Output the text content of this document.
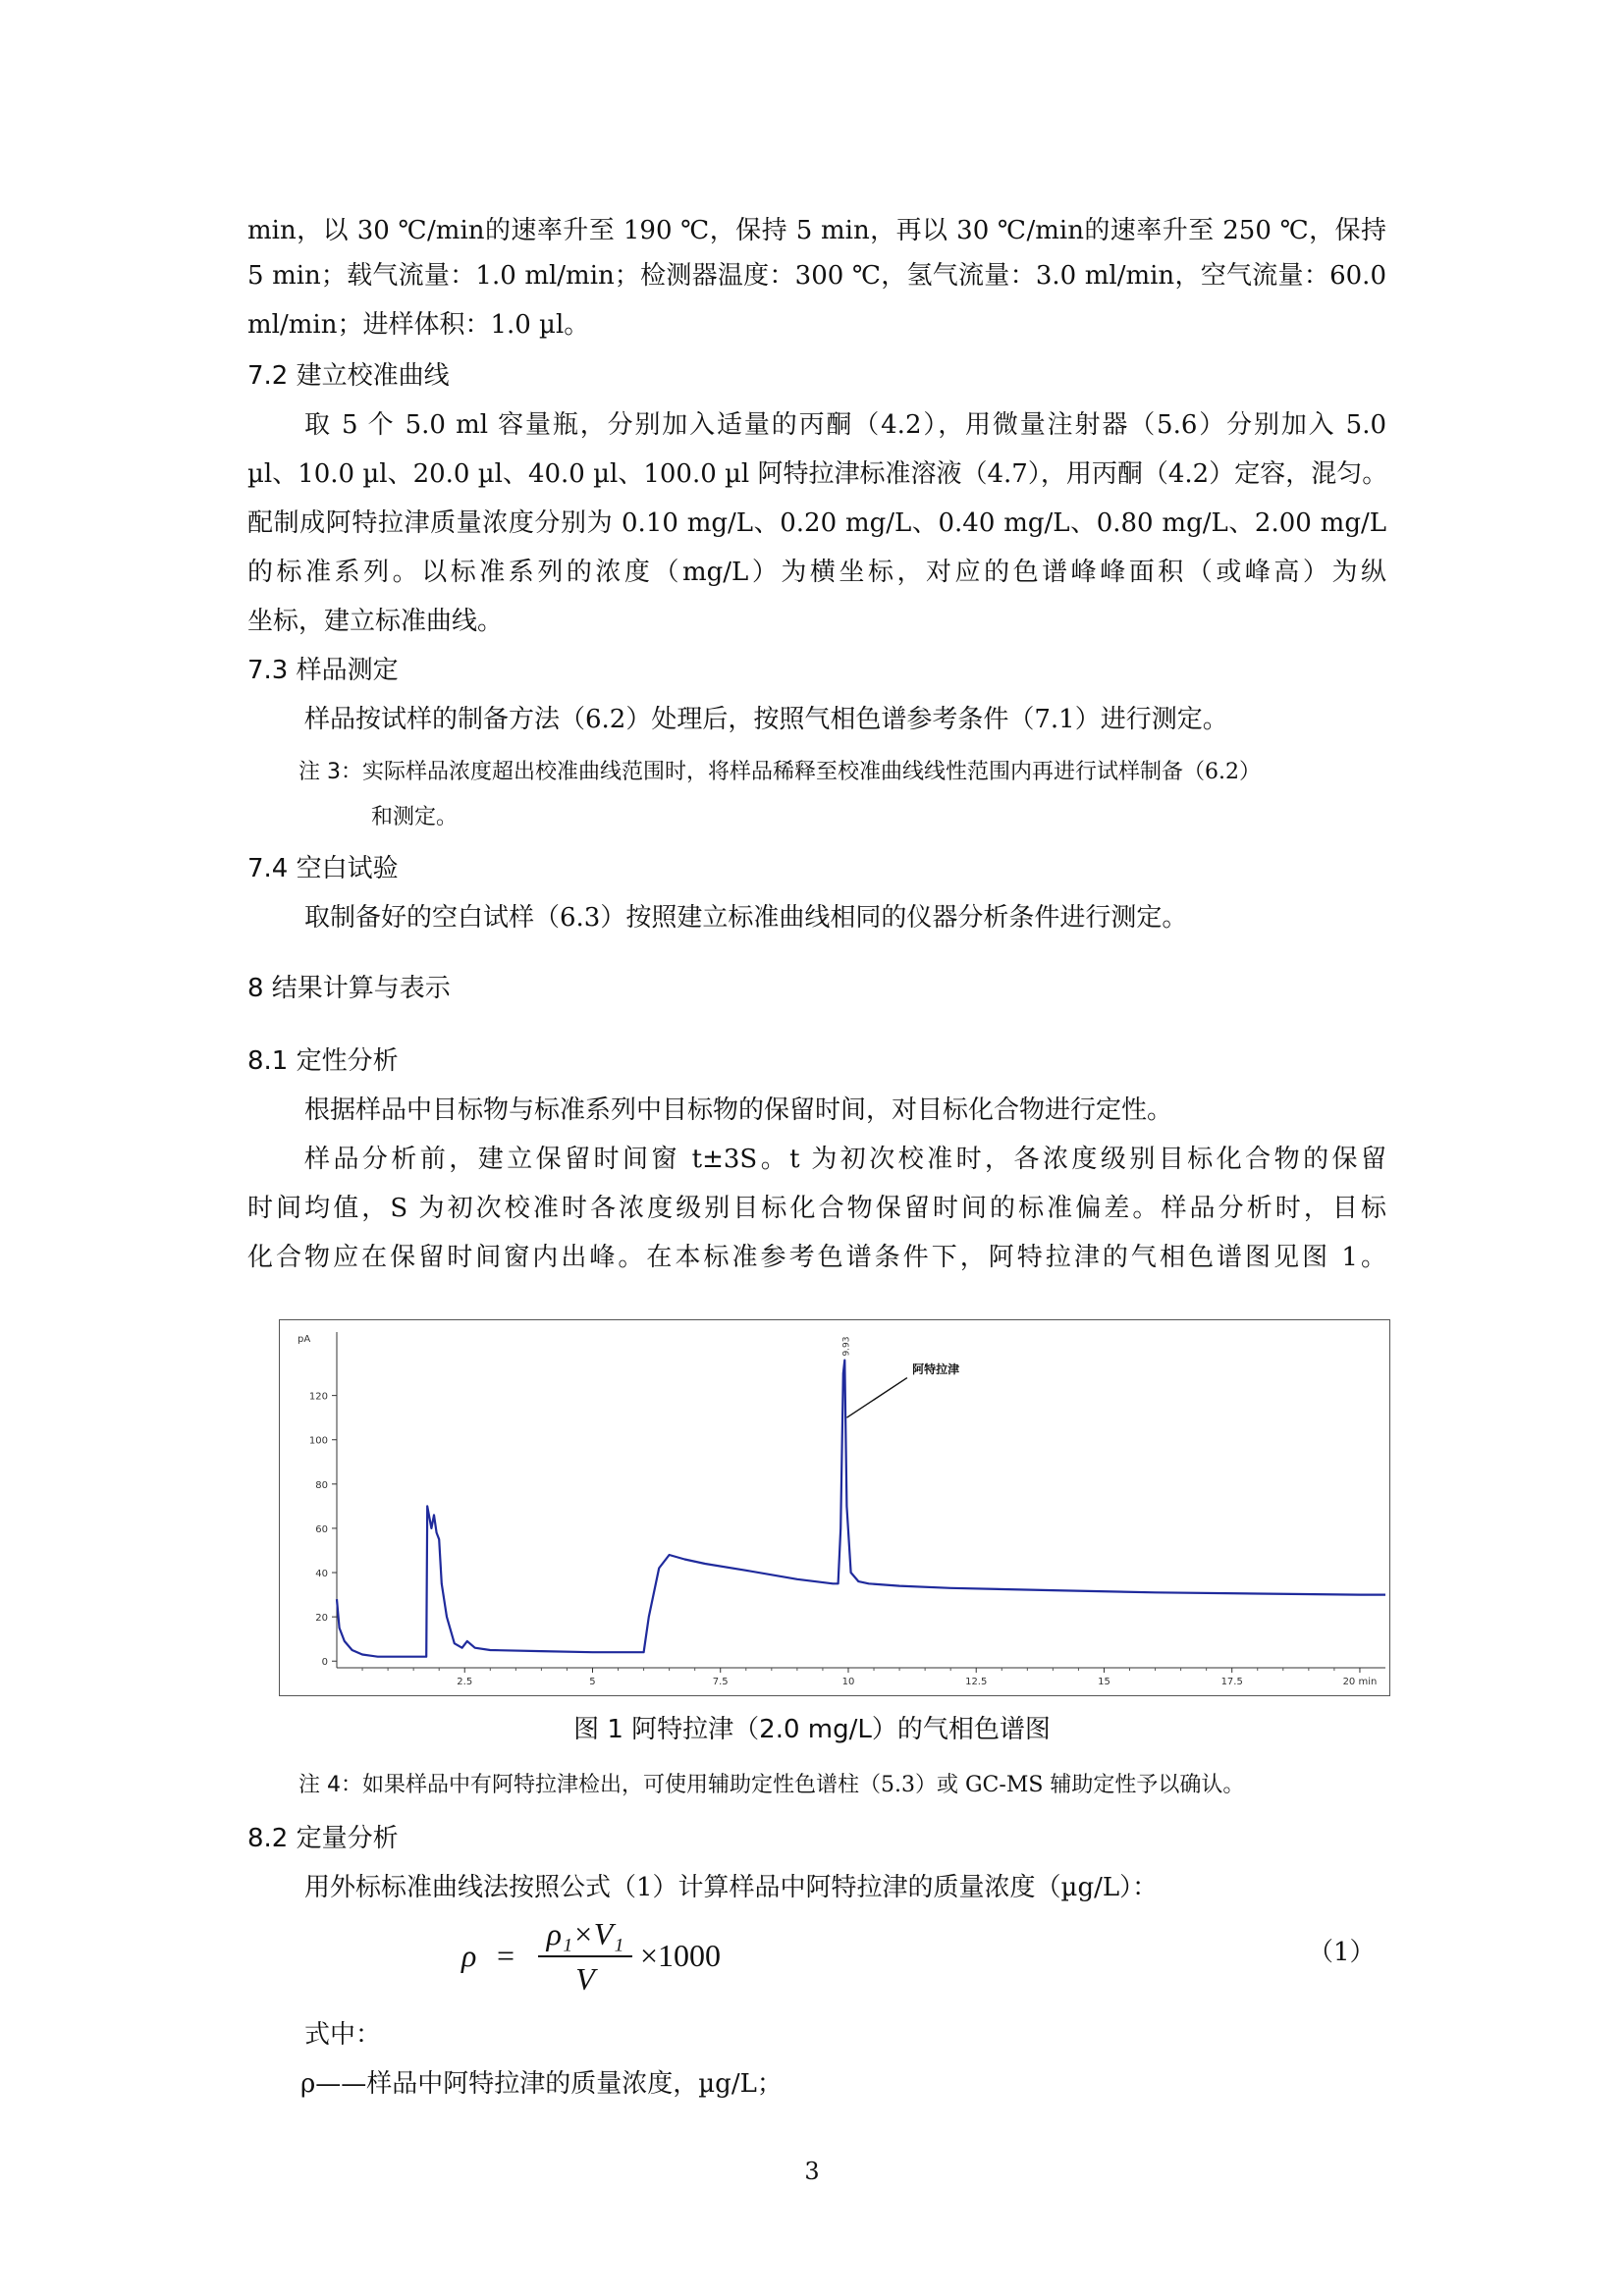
min，以 30 ℃/min的速率升至 190 ℃，保持 5 min，再以 30 ℃/min的速率升至 250 ℃，保持
5 min；载气流量：1.0 ml/min；检测器温度：300 ℃，氢气流量：3.0 ml/min，空气流量：60.0
ml/min；进样体积：1.0 µl。
7.2 建立校准曲线
取 5 个 5.0 ml 容量瓶，分别加入适量的丙酮（4.2），用微量注射器（5.6）分别加入 5.0
µl、10.0 µl、20.0 µl、40.0 µl、100.0 µl 阿特拉津标准溶液（4.7），用丙酮（4.2）定容，混匀。
配制成阿特拉津质量浓度分别为 0.10 mg/L、0.20 mg/L、0.40 mg/L、0.80 mg/L、2.00 mg/L
的标准系列。以标准系列的浓度（mg/L）为横坐标，对应的色谱峰峰面积（或峰高）为纵
坐标，建立标准曲线。
7.3 样品测定
样品按试样的制备方法（6.2）处理后，按照气相色谱参考条件（7.1）进行测定。
注 3：实际样品浓度超出校准曲线范围时，将样品稀释至校准曲线线性范围内再进行试样制备（6.2）
和测定。
7.4 空白试验
取制备好的空白试样（6.3）按照建立标准曲线相同的仪器分析条件进行测定。
8 结果计算与表示
8.1 定性分析
根据样品中目标物与标准系列中目标物的保留时间，对目标化合物进行定性。
样品分析前，建立保留时间窗 t±3S。t 为初次校准时，各浓度级别目标化合物的保留
时间均值，S 为初次校准时各浓度级别目标化合物保留时间的标准偏差。样品分析时，目标
化合物应在保留时间窗内出峰。在本标准参考色谱条件下，阿特拉津的气相色谱图见图 1。
pA
0
20
40
60
80
100
120
2.5	5	7.5	10	12.5	15	17.5	20 min
9.93
阿特拉津
图 1 阿特拉津（2.0 mg/L）的气相色谱图
注 4：如果样品中有阿特拉津检出，可使用辅助定性色谱柱（5.3）或 GC-MS 辅助定性予以确认。
8.2 定量分析
用外标标准曲线法按照公式（1）计算样品中阿特拉津的质量浓度（µg/L）：
ρ =
ρ₁×V₁
V
×1000	（1）
式中：
ρ——样品中阿特拉津的质量浓度，µg/L；
3
